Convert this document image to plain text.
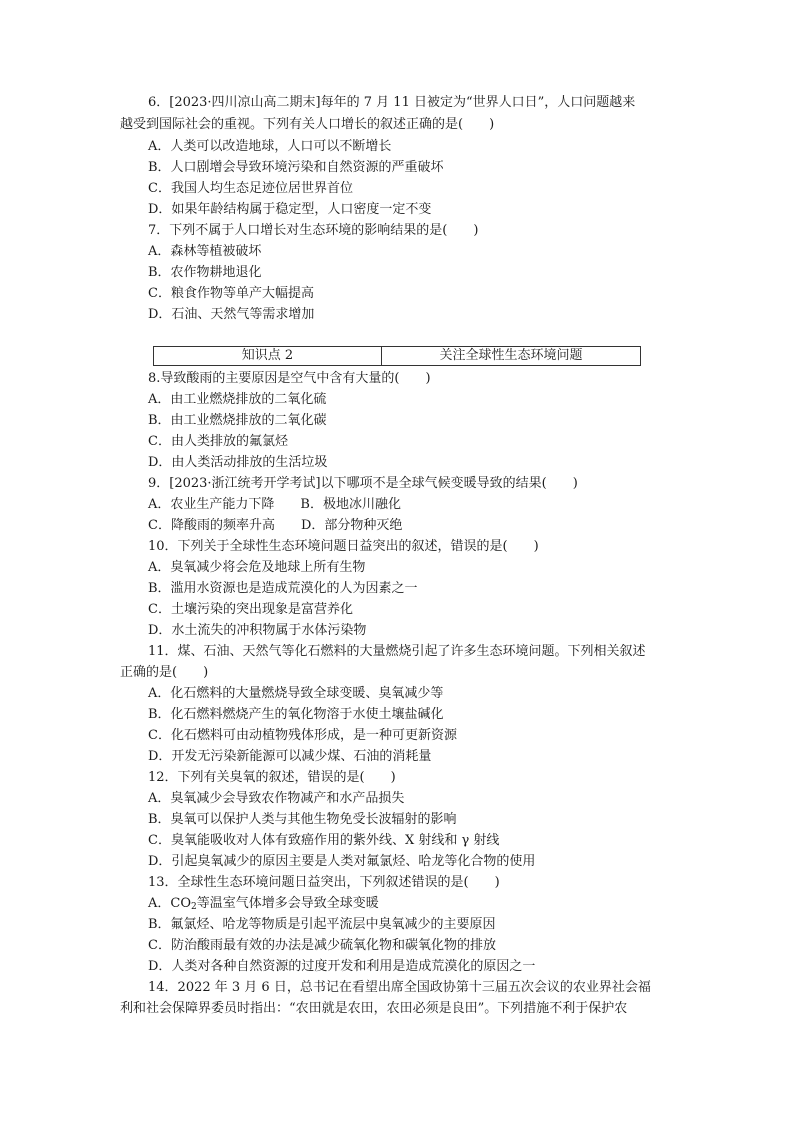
6．[2023·四川凉山高二期末]每年的 7 月 11 日被定为“世界人口日”，人口问题越来
越受到国际社会的重视。下列有关人口增长的叙述正确的是(　　)
A．人类可以改造地球，人口可以不断增长
B．人口剧增会导致环境污染和自然资源的严重破坏
C．我国人均生态足迹位居世界首位
D．如果年龄结构属于稳定型，人口密度一定不变
7．下列不属于人口增长对生态环境的影响结果的是(　　)
A．森林等植被破坏
B．农作物耕地退化
C．粮食作物等单产大幅提高
D．石油、天然气等需求增加
知识点 2	关注全球性生态环境问题
8.导致酸雨的主要原因是空气中含有大量的(　　)
A．由工业燃烧排放的二氧化硫
B．由工业燃烧排放的二氧化碳
C．由人类排放的氟氯烃
D．由人类活动排放的生活垃圾
9．[2023·浙江统考开学考试]以下哪项不是全球气候变暖导致的结果(　　)
A．农业生产能力下降　　B．极地冰川融化
C．降酸雨的频率升高　　D．部分物种灭绝
10．下列关于全球性生态环境问题日益突出的叙述，错误的是(　　)
A．臭氧减少将会危及地球上所有生物
B．滥用水资源也是造成荒漠化的人为因素之一
C．土壤污染的突出现象是富营养化
D．水土流失的冲积物属于水体污染物
11．煤、石油、天然气等化石燃料的大量燃烧引起了许多生态环境问题。下列相关叙述
正确的是(　　)
A．化石燃料的大量燃烧导致全球变暖、臭氧减少等
B．化石燃料燃烧产生的氧化物溶于水使土壤盐碱化
C．化石燃料可由动植物残体形成，是一种可更新资源
D．开发无污染新能源可以减少煤、石油的消耗量
12．下列有关臭氧的叙述，错误的是(　　)
A．臭氧减少会导致农作物减产和水产品损失
B．臭氧可以保护人类与其他生物免受长波辐射的影响
C．臭氧能吸收对人体有致癌作用的紫外线、X 射线和 γ 射线
D．引起臭氧减少的原因主要是人类对氟氯烃、哈龙等化合物的使用
13．全球性生态环境问题日益突出，下列叙述错误的是(　　)
A．$CO_2$等温室气体增多会导致全球变暖
B．氟氯烃、哈龙等物质是引起平流层中臭氧减少的主要原因
C．防治酸雨最有效的办法是减少硫氧化物和碳氧化物的排放
D．人类对各种自然资源的过度开发和利用是造成荒漠化的原因之一
14．2022 年 3 月 6 日，总书记在看望出席全国政协第十三届五次会议的农业界社会福
利和社会保障界委员时指出：“农田就是农田，农田必须是良田”。下列措施不利于保护农
